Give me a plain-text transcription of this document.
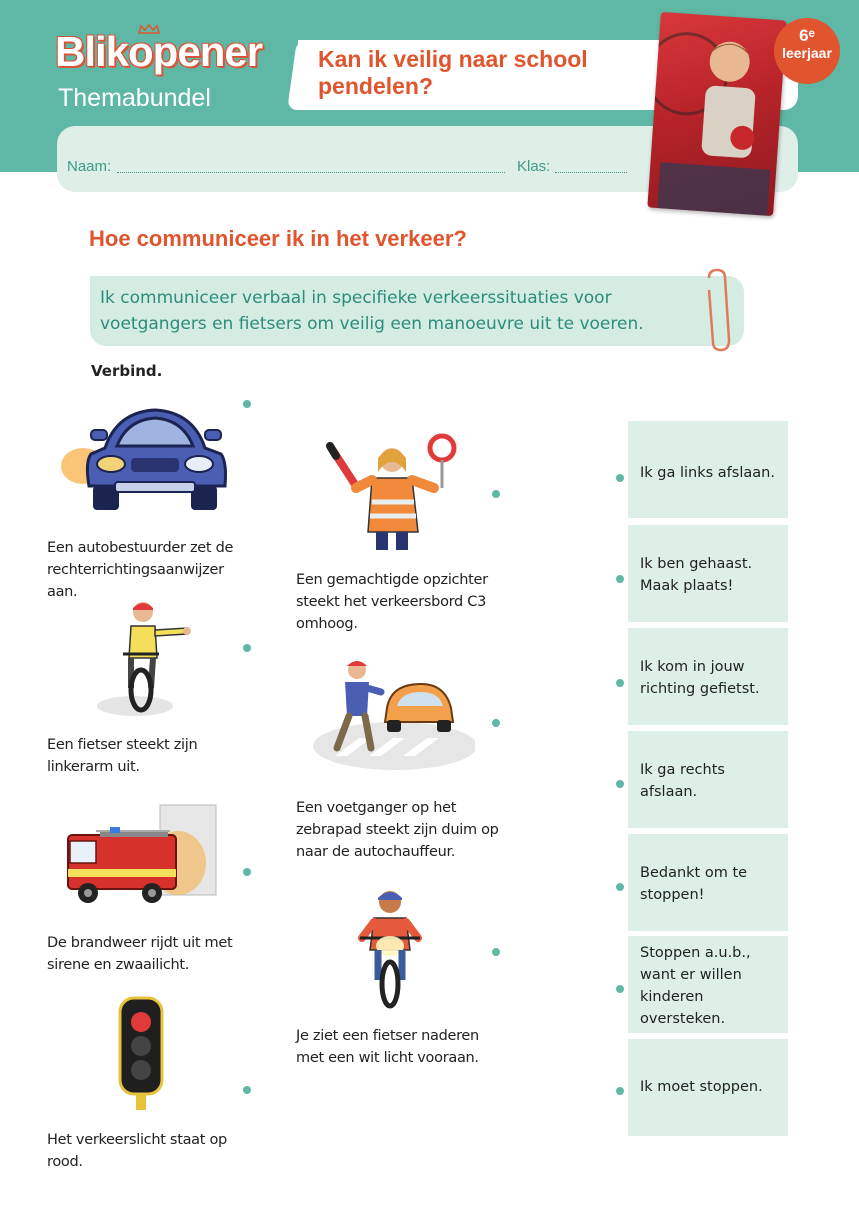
Blikopener
Themabundel
Kan ik veilig naar school pendelen?
Naam:	Klas:
6ᵉ
leerjaar
Hoe communiceer ik in het verkeer?
Ik communiceer verbaal in specifieke verkeerssituaties voor voetgangers en fietsers om veilig een manoeuvre uit te voeren.
Verbind.
Een autobestuurder zet de rechterrichtingsaanwijzer aan.
Een fietser steekt zijn linkerarm uit.
De brandweer rijdt uit met sirene en zwaailicht.
Het verkeerslicht staat op rood.
Een gemachtigde opzichter steekt het verkeersbord C3 omhoog.
Een voetganger op het zebrapad steekt zijn duim op naar de autochauffeur.
Je ziet een fietser naderen met een wit licht vooraan.
Ik ga links afslaan.
Ik ben gehaast. Maak plaats!
Ik kom in jouw richting gefietst.
Ik ga rechts afslaan.
Bedankt om te stoppen!
Stoppen a.u.b., want er willen kinderen oversteken.
Ik moet stoppen.
